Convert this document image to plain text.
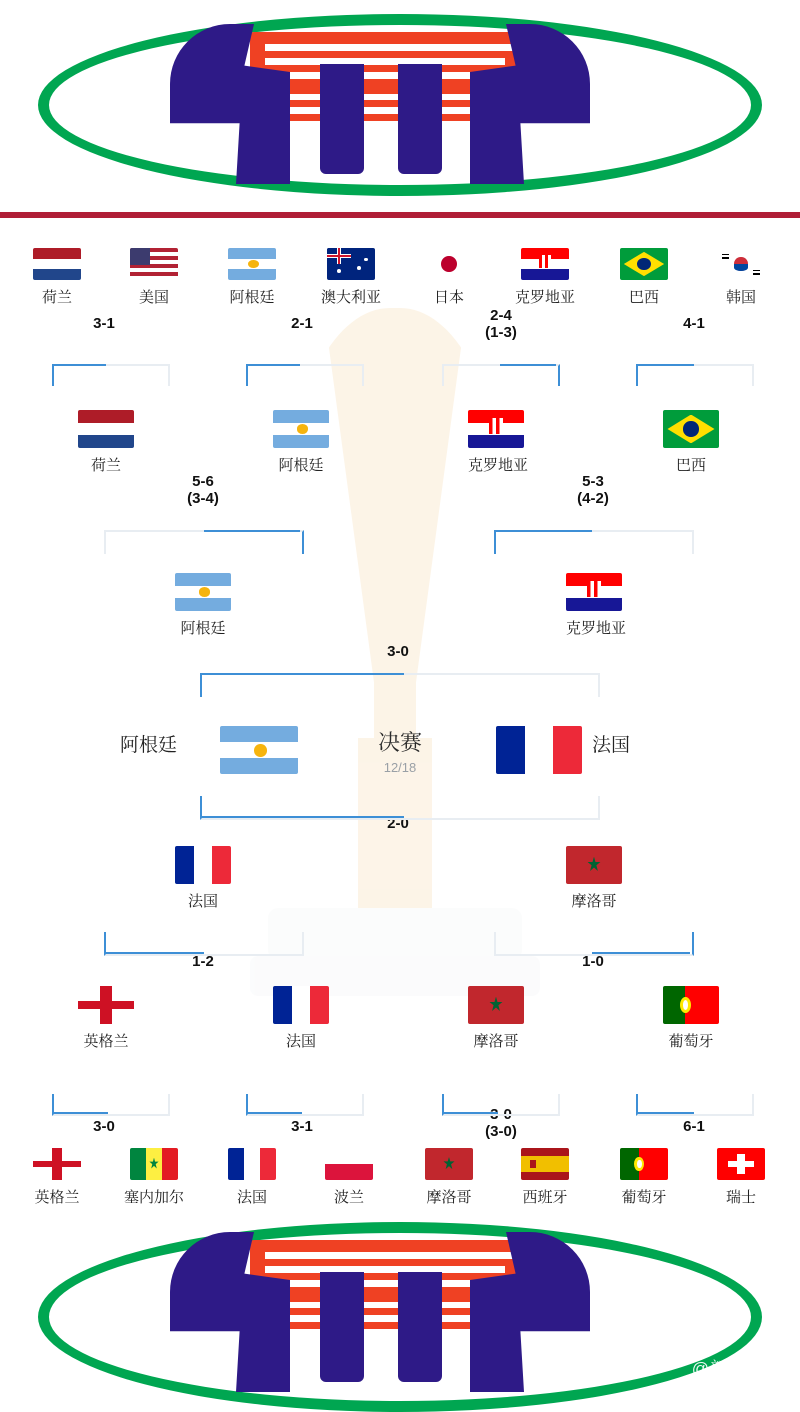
荷兰	美国	阿根廷	澳大利亚	日本	克罗地亚	巴西	韩国
3-1	2-1	2-4
(1-3)
4-1
荷兰	阿根廷	克罗地亚	巴西
5-6
(3-4)
5-3
(4-2)
阿根廷	克罗地亚
3-0
阿根廷	决赛
12/18
法国
2-0
法国	摩洛哥
1-2	1-0
英格兰	法国	摩洛哥	葡萄牙
3-0	3-1
3-0
(3-0)	6-1
英格兰	塞内加尔	法国	波兰	摩洛哥	西班牙	葡萄牙	瑞士
@新闻晨报
